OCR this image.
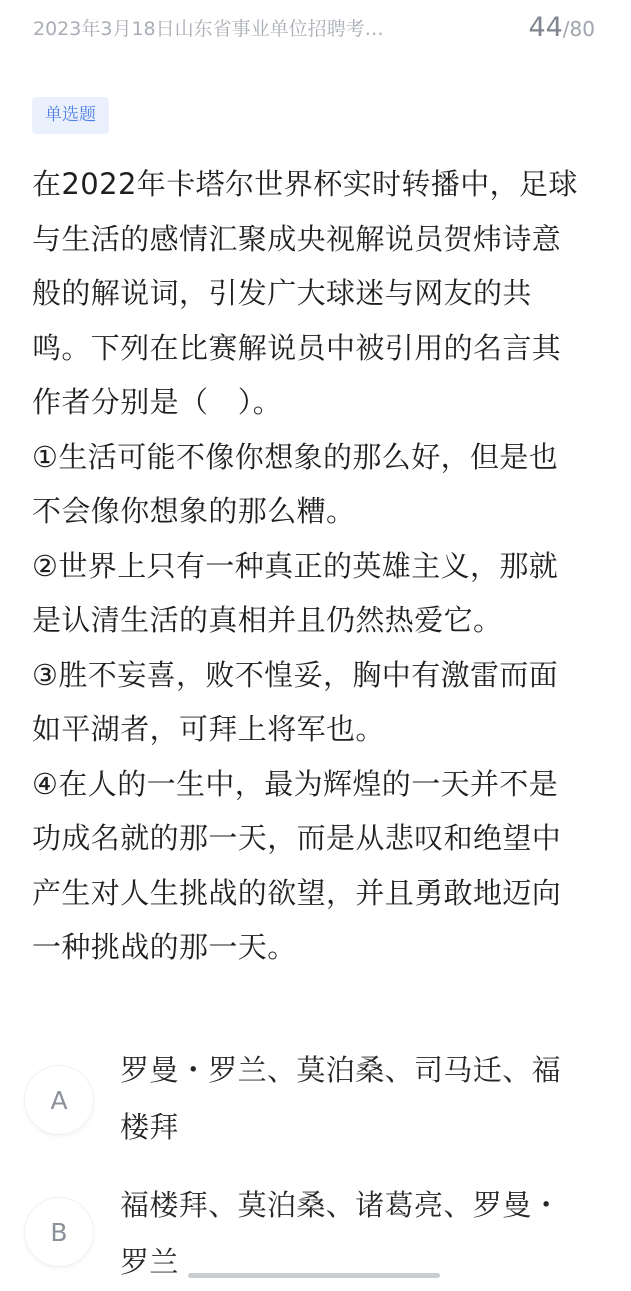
2023年3月18日山东省事业单位招聘考…	44/80
单选题

在2022年卡塔尔世界杯实时转播中，足球与生活的感情汇聚成央视解说员贺炜诗意般的解说词，引发广大球迷与网友的共鸣。下列在比赛解说员中被引用的名言其作者分别是（　）。

①生活可能不像你想象的那么好，但是也不会像你想象的那么糟。

②世界上只有一种真正的英雄主义，那就是认清生活的真相并且仍然热爱它。

③胜不妄喜，败不惶妥，胸中有激雷而面如平湖者，可拜上将军也。

④在人的一生中，最为辉煌的一天并不是功成名就的那一天，而是从悲叹和绝望中产生对人生挑战的欲望，并且勇敢地迈向一种挑战的那一天。

A
罗曼・罗兰、莫泊桑、司马迁、福楼拜
B
福楼拜、莫泊桑、诸葛亮、罗曼・罗兰
